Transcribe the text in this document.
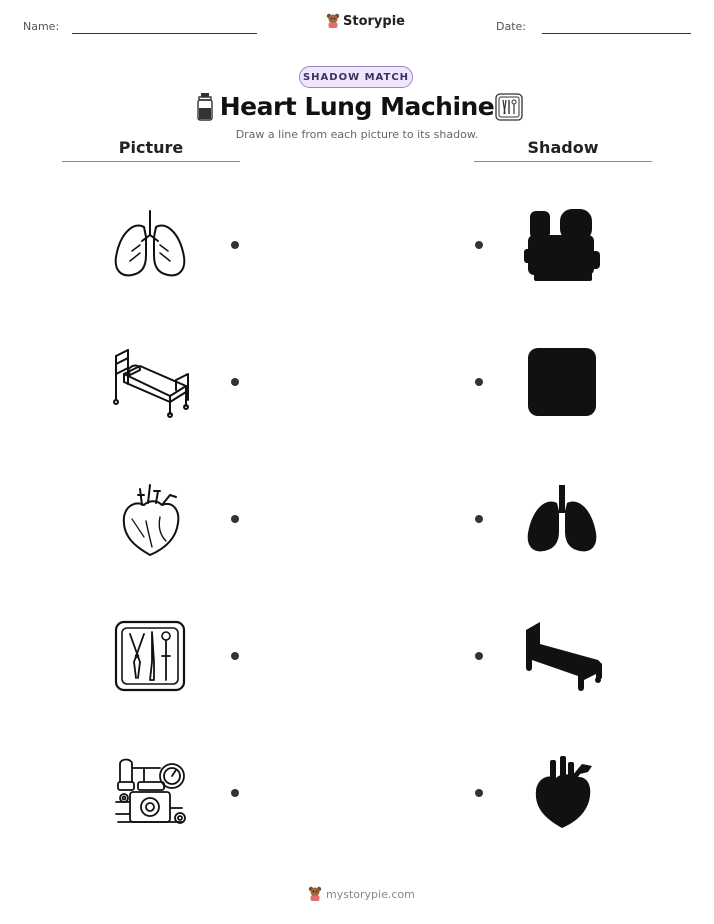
Name:	Storypie	Date:
SHADOW MATCH
Heart Lung Machine
Draw a line from each picture to its shadow.
Picture	Shadow
mystorypie.com
